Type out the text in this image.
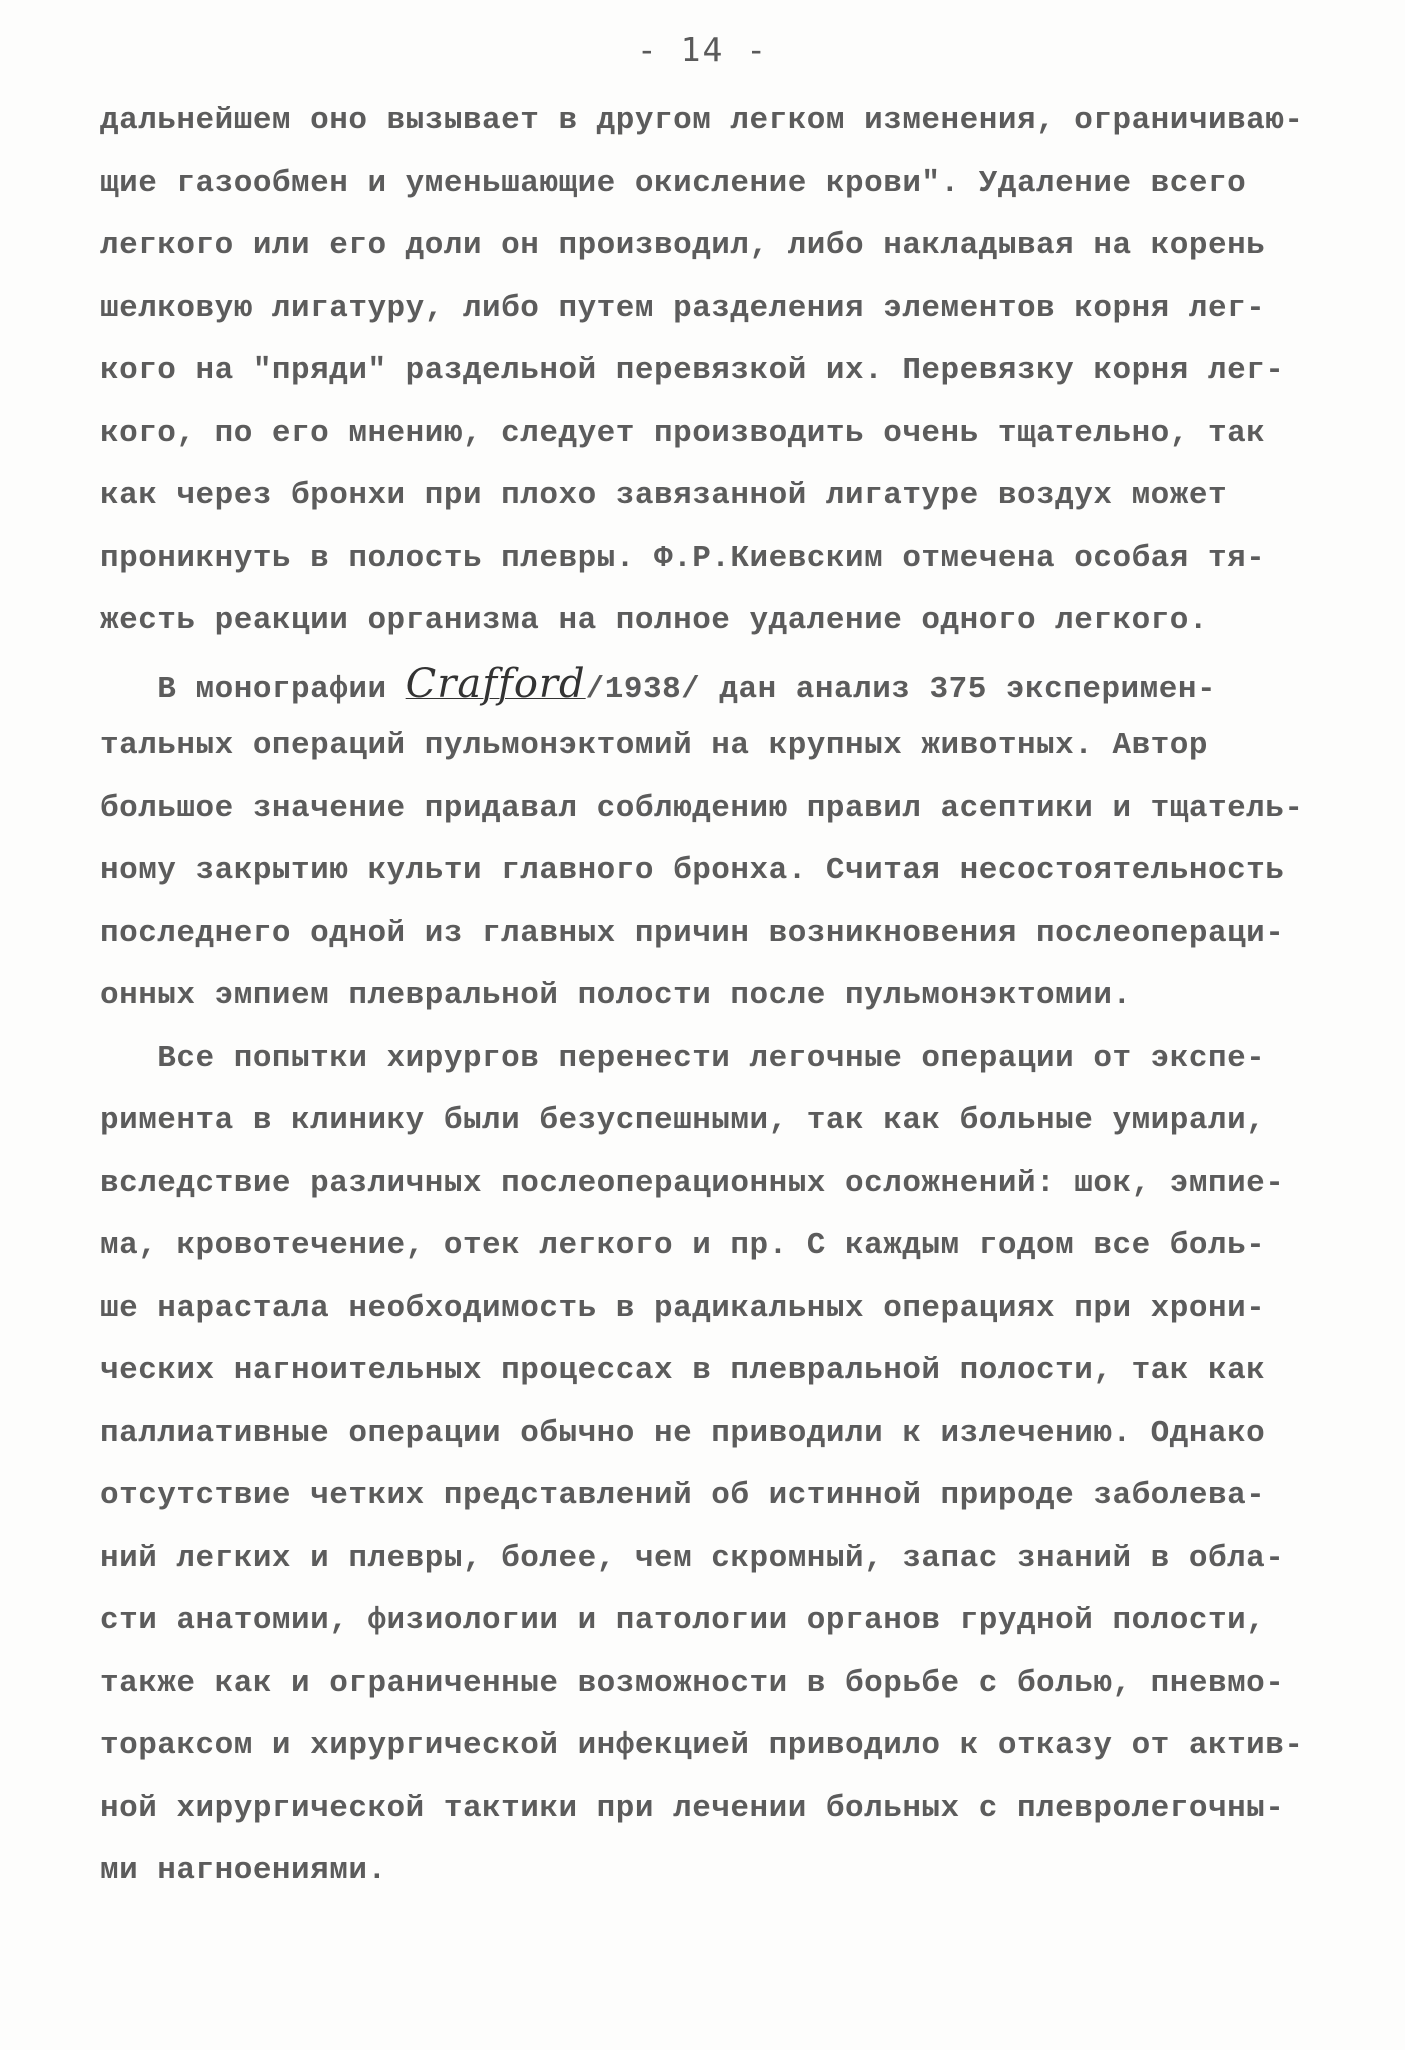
- 14 -
дальнейшем оно вызывает в другом легком изменения, ограничиваю-
щие газообмен и уменьшающие окисление крови". Удаление всего
легкого или его доли он производил, либо накладывая на корень
шелковую лигатуру, либо путем разделения элементов корня лег-
кого на "пряди" раздельной перевязкой их. Перевязку корня лег-
кого, по его мнению, следует производить очень тщательно, так
как через бронхи при плохо завязанной лигатуре воздух может
проникнуть в полость плевры. Ф.Р.Киевским отмечена особая тя-
жесть реакции организма на полное удаление одного легкого.
В монографии Crafford/1938/ дан анализ 375 эксперимен-
тальных операций пульмонэктомий на крупных животных. Автор
большое значение придавал соблюдению правил асептики и тщатель-
ному закрытию культи главного бронха. Считая несостоятельность
последнего одной из главных причин возникновения послеопераци-
онных эмпием плевральной полости после пульмонэктомии.
Все попытки хирургов перенести легочные операции от экспе-
римента в клинику были безуспешными, так как больные умирали,
вследствие различных послеоперационных осложнений: шок, эмпие-
ма, кровотечение, отек легкого и пр. С каждым годом все боль-
ше нарастала необходимость в радикальных операциях при хрони-
ческих нагноительных процессах в плевральной полости, так как
паллиативные операции обычно не приводили к излечению. Однако
отсутствие четких представлений об истинной природе заболева-
ний легких и плевры, более, чем скромный, запас знаний в обла-
сти анатомии, физиологии и патологии органов грудной полости,
также как и ограниченные возможности в борьбе с болью, пневмо-
тораксом и хирургической инфекцией приводило к отказу от актив-
ной хирургической тактики при лечении больных с плевролегочны-
ми нагноениями.
